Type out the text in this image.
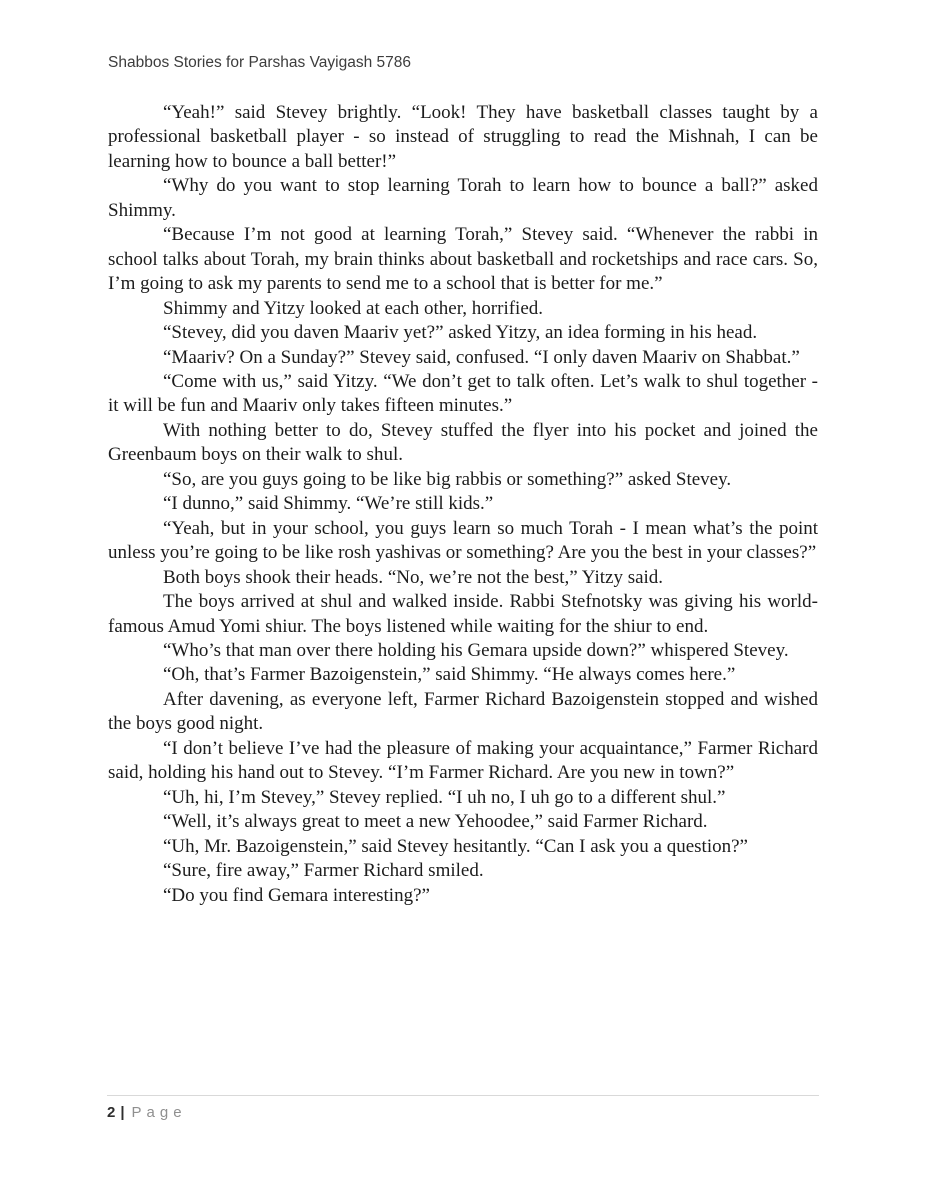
Shabbos Stories for Parshas Vayigash 5786

“Yeah!” said Stevey brightly. “Look! They have basketball classes taught by a professional basketball player - so instead of struggling to read the Mishnah, I can be learning how to bounce a ball better!”

“Why do you want to stop learning Torah to learn how to bounce a ball?” asked Shimmy.

“Because I’m not good at learning Torah,” Stevey said. “Whenever the rabbi in school talks about Torah, my brain thinks about basketball and rocketships and race cars. So, I’m going to ask my parents to send me to a school that is better for me.”

Shimmy and Yitzy looked at each other, horrified.

“Stevey, did you daven Maariv yet?” asked Yitzy, an idea forming in his head.

“Maariv? On a Sunday?” Stevey said, confused. “I only daven Maariv on Shabbat.”

“Come with us,” said Yitzy. “We don’t get to talk often. Let’s walk to shul together - it will be fun and Maariv only takes fifteen minutes.”

With nothing better to do, Stevey stuffed the flyer into his pocket and joined the Greenbaum boys on their walk to shul.

“So, are you guys going to be like big rabbis or something?” asked Stevey.

“I dunno,” said Shimmy. “We’re still kids.”

“Yeah, but in your school, you guys learn so much Torah - I mean what’s the point unless you’re going to be like rosh yashivas or something? Are you the best in your classes?”

Both boys shook their heads. “No, we’re not the best,” Yitzy said.

The boys arrived at shul and walked inside. Rabbi Stefnotsky was giving his world-famous Amud Yomi shiur. The boys listened while waiting for the shiur to end.

“Who’s that man over there holding his Gemara upside down?” whispered Stevey.

“Oh, that’s Farmer Bazoigenstein,” said Shimmy. “He always comes here.”

After davening, as everyone left, Farmer Richard Bazoigenstein stopped and wished the boys good night.

“I don’t believe I’ve had the pleasure of making your acquaintance,” Farmer Richard said, holding his hand out to Stevey. “I’m Farmer Richard. Are you new in town?”

“Uh, hi, I’m Stevey,” Stevey replied. “I uh no, I uh go to a different shul.”

“Well, it’s always great to meet a new Yehoodee,” said Farmer Richard.

“Uh, Mr. Bazoigenstein,” said Stevey hesitantly. “Can I ask you a question?”

“Sure, fire away,” Farmer Richard smiled.

“Do you find Gemara interesting?”

2 | Page
